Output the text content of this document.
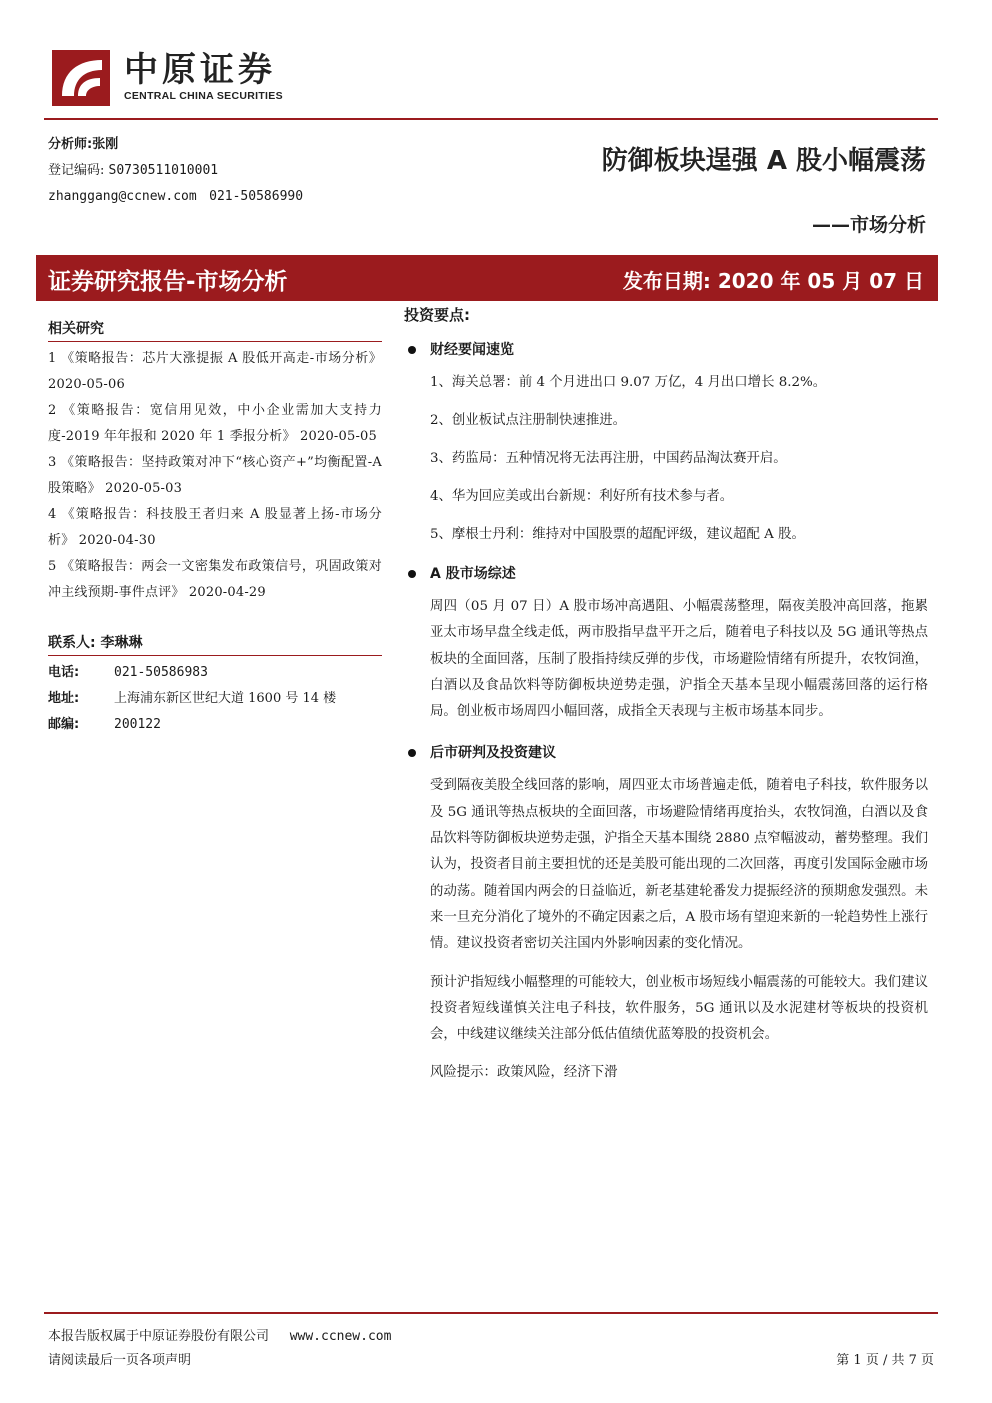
中原证券
CENTRAL CHINA SECURITIES
分析师:张刚
登记编码: S0730511010001
zhanggang@ccnew.com 021-50586990
防御板块逞强 A 股小幅震荡
——市场分析
证券研究报告-市场分析	发布日期: 2020 年 05 月 07 日
相关研究
1 《策略报告：芯片大涨提振 A 股低开高走-市场分析》 2020-05-06
2 《策略报告：宽信用见效，中小企业需加大支持力度-2019 年年报和 2020 年 1 季报分析》 2020-05-05
3 《策略报告：坚持政策对冲下“核心资产+”均衡配置-A 股策略》 2020-05-03
4 《策略报告：科技股王者归来 A 股显著上扬-市场分析》 2020-04-30
5 《策略报告：两会一文密集发布政策信号，巩固政策对冲主线预期-事件点评》 2020-04-29
联系人: 李琳琳
电话:	021-50586983
地址:	上海浦东新区世纪大道 1600 号 14 楼
邮编:	200122
投资要点:
财经要闻速览
1、海关总署：前 4 个月进出口 9.07 万亿，4 月出口增长 8.2%。
2、创业板试点注册制快速推进。
3、药监局：五种情况将无法再注册，中国药品淘汰赛开启。
4、华为回应美或出台新规：利好所有技术参与者。
5、摩根士丹利：维持对中国股票的超配评级，建议超配 A 股。
A 股市场综述
周四（05 月 07 日）A 股市场冲高遇阻、小幅震荡整理，隔夜美股冲高回落，拖累亚太市场早盘全线走低，两市股指早盘平开之后，随着电子科技以及 5G 通讯等热点板块的全面回落，压制了股指持续反弹的步伐，市场避险情绪有所提升，农牧饲渔，白酒以及食品饮料等防御板块逆势走强，沪指全天基本呈现小幅震荡回落的运行格局。创业板市场周四小幅回落，成指全天表现与主板市场基本同步。
后市研判及投资建议
受到隔夜美股全线回落的影响，周四亚太市场普遍走低，随着电子科技，软件服务以及 5G 通讯等热点板块的全面回落，市场避险情绪再度抬头，农牧饲渔，白酒以及食品饮料等防御板块逆势走强，沪指全天基本围绕 2880 点窄幅波动，蓄势整理。我们认为，投资者目前主要担忧的还是美股可能出现的二次回落，再度引发国际金融市场的动荡。随着国内两会的日益临近，新老基建轮番发力提振经济的预期愈发强烈。未来一旦充分消化了境外的不确定因素之后，A 股市场有望迎来新的一轮趋势性上涨行情。建议投资者密切关注国内外影响因素的变化情况。
预计沪指短线小幅整理的可能较大，创业板市场短线小幅震荡的可能较大。我们建议投资者短线谨慎关注电子科技，软件服务，5G 通讯以及水泥建材等板块的投资机会，中线建议继续关注部分低估值绩优蓝筹股的投资机会。
风险提示：政策风险，经济下滑
本报告版权属于中原证券股份有限公司 www.ccnew.com
请阅读最后一页各项声明	第 1 页 / 共 7 页
